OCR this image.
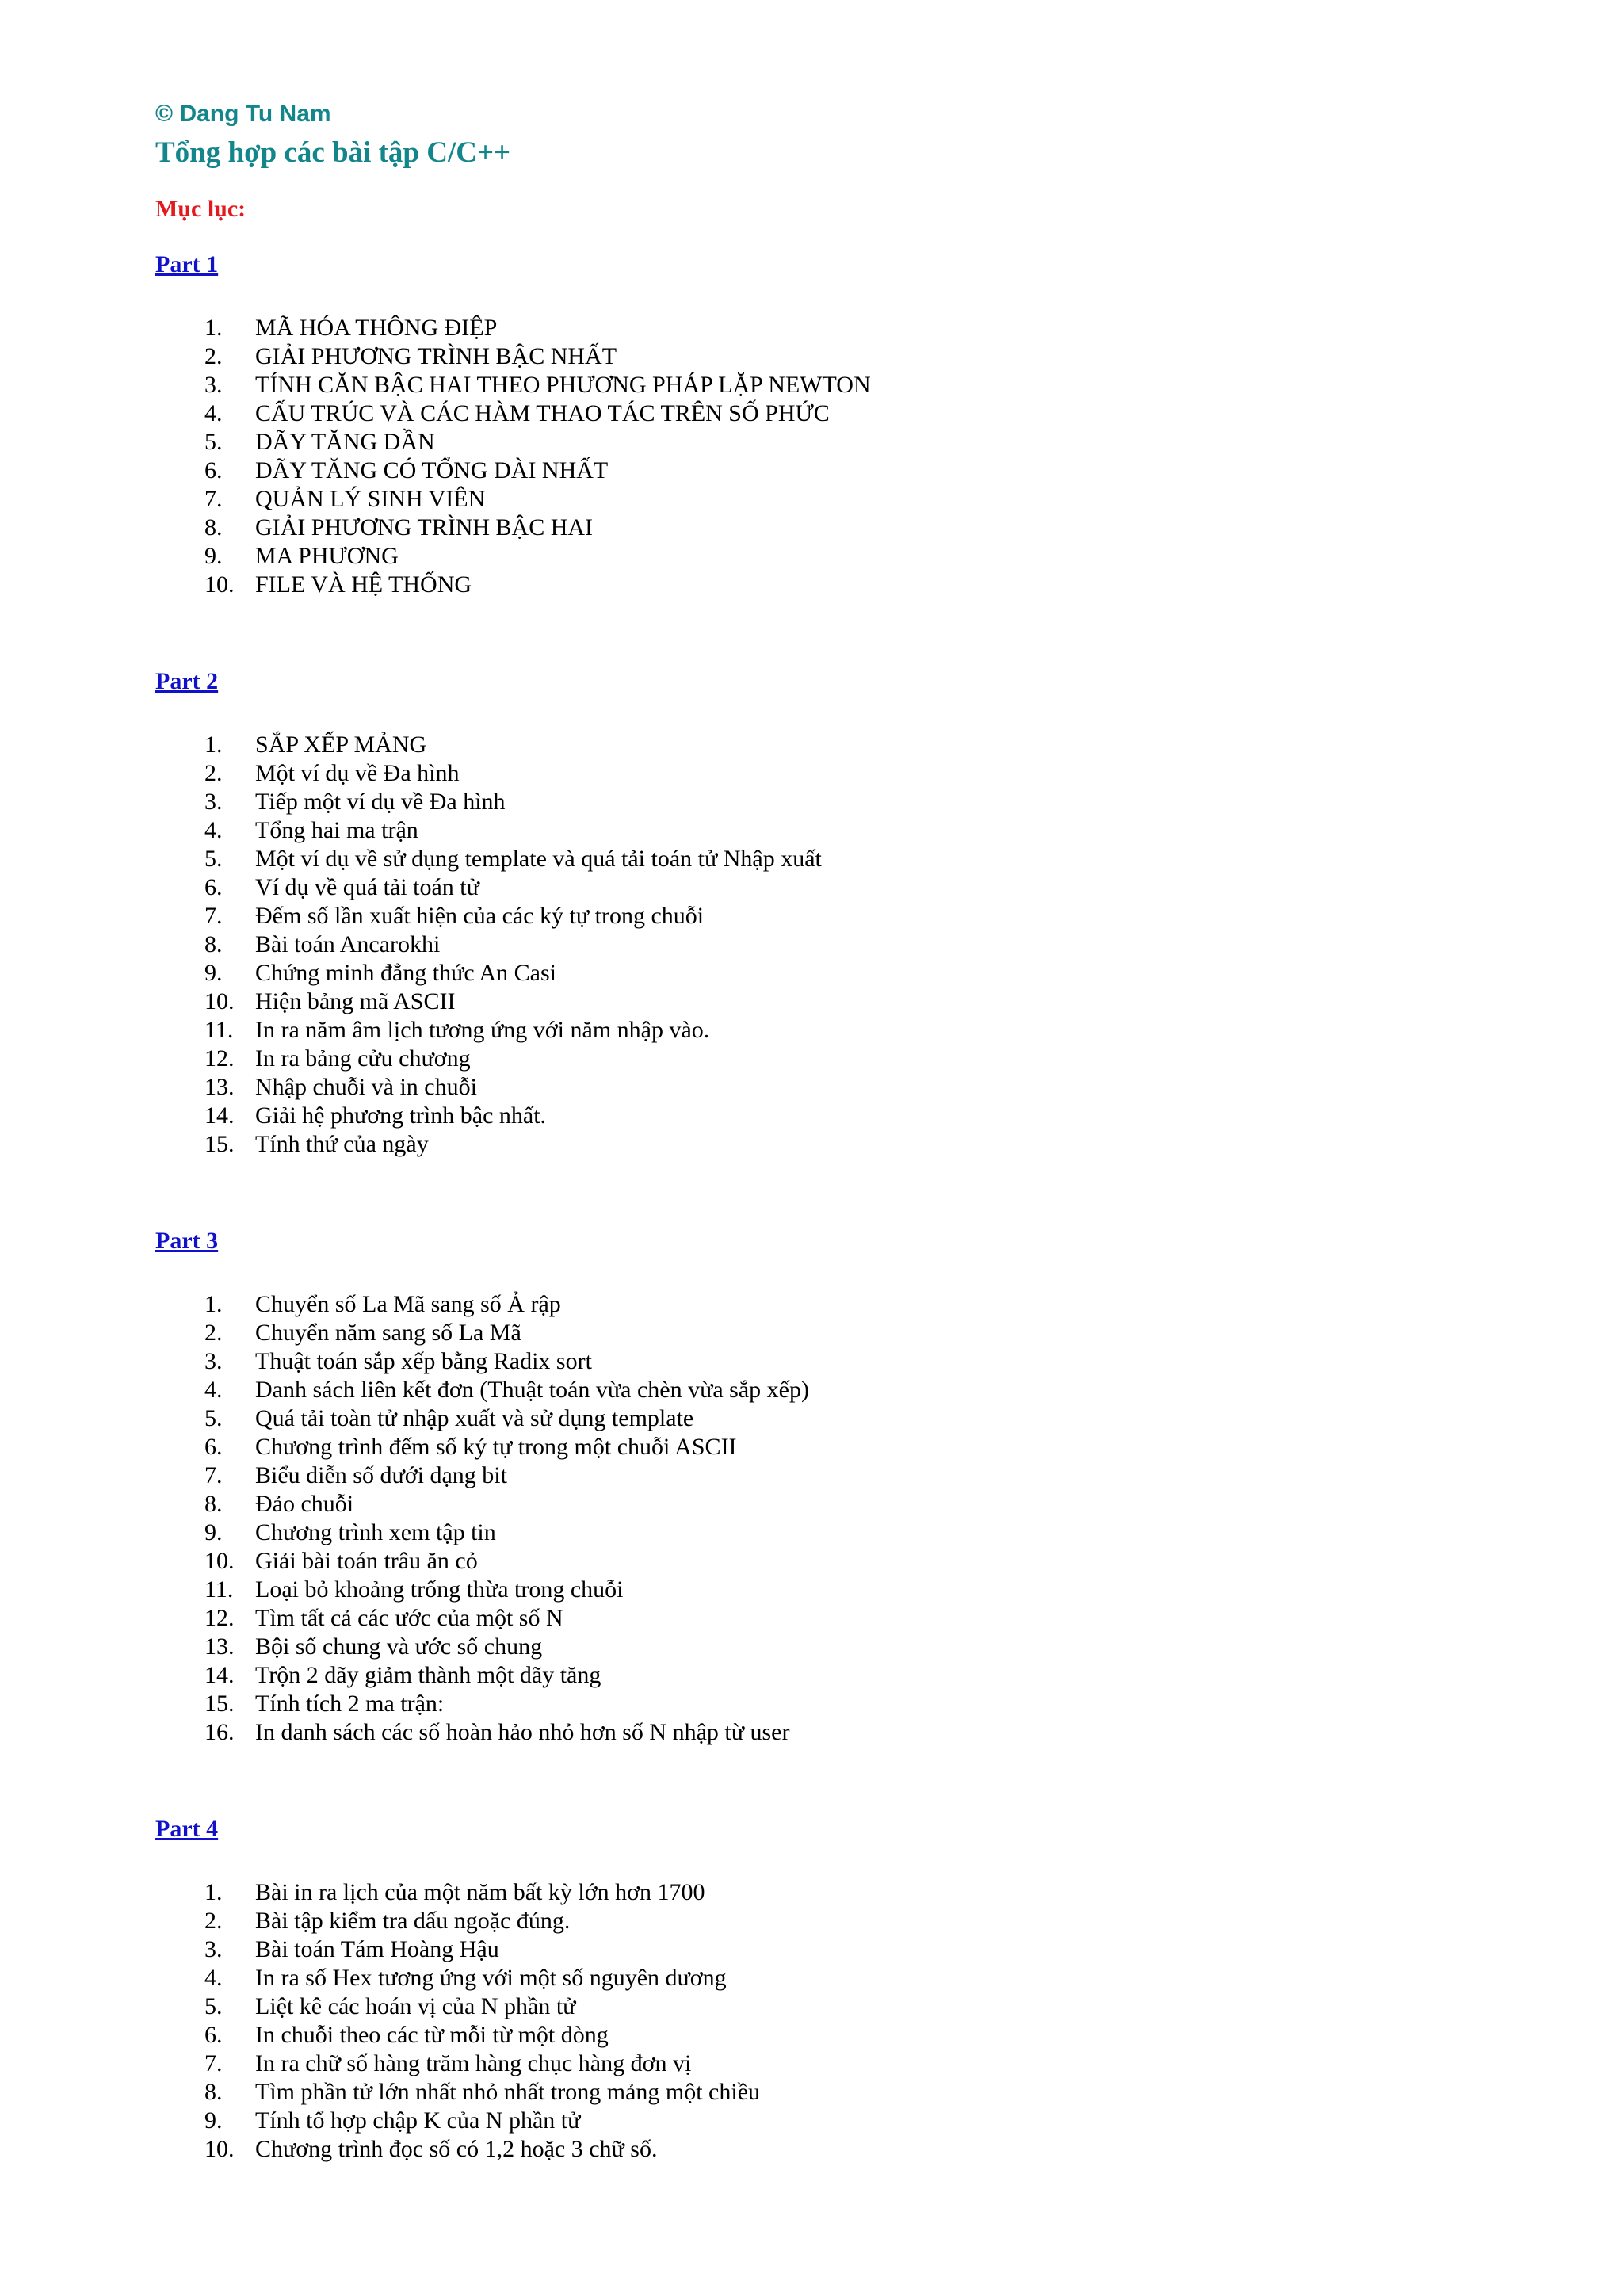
© Dang Tu Nam
Tổng hợp các bài tập C/C++
Mục lục:
Part 1
1.	MÃ HÓA THÔNG ĐIỆP
2.	GIẢI PHƯƠNG TRÌNH BẬC NHẤT
3.	TÍNH CĂN BẬC HAI THEO PHƯƠNG PHÁP LẶP NEWTON
4.	CẤU TRÚC VÀ CÁC HÀM THAO TÁC TRÊN SỐ PHỨC
5.	DÃY TĂNG DẦN
6.	DÃY TĂNG CÓ TỔNG DÀI NHẤT
7.	QUẢN LÝ SINH VIÊN
8.	GIẢI PHƯƠNG TRÌNH BẬC HAI
9.	MA PHƯƠNG
10. FILE VÀ HỆ THỐNG
Part 2
1.	SẮP XẾP MẢNG
2.	Một ví dụ về Đa hình
3.	Tiếp một ví dụ về Đa hình
4.	Tổng hai ma trận
5.	Một ví dụ về sử dụng template và quá tải toán tử Nhập xuất
6.	Ví dụ về quá tải toán tử
7.	Đếm số lần xuất hiện của các ký tự trong chuỗi
8.	Bài toán Ancarokhi
9.	Chứng minh đẳng thức An Casi
10. Hiện bảng mã ASCII
11. In ra năm âm lịch tương ứng với năm nhập vào.
12. In ra bảng cửu chương
13. Nhập chuỗi và in chuỗi
14. Giải hệ phương trình bậc nhất.
15. Tính thứ của ngày
Part 3
1.	Chuyển số La Mã sang số Ả rập
2.	Chuyển năm sang số La Mã
3.	Thuật toán sắp xếp bằng Radix sort
4.	Danh sách liên kết đơn (Thuật toán vừa chèn vừa sắp xếp)
5.	Quá tải toàn tử nhập xuất và sử dụng template
6.	Chương trình đếm số ký tự trong một chuỗi ASCII
7.	Biểu diễn số dưới dạng bit
8.	Đảo chuỗi
9.	Chương trình xem tập tin
10. Giải bài toán trâu ăn cỏ
11. Loại bỏ khoảng trống thừa trong chuỗi
12. Tìm tất cả các ước của một số N
13. Bội số chung và ước số chung
14. Trộn 2 dãy giảm thành một dãy tăng
15. Tính tích 2 ma trận:
16. In danh sách các số hoàn hảo nhỏ hơn số N nhập từ user
Part 4
1.	Bài in ra lịch của một năm bất kỳ lớn hơn 1700
2.	Bài tập kiểm tra dấu ngoặc đúng.
3.	Bài toán Tám Hoàng Hậu
4.	In ra số Hex tương ứng với một số nguyên dương
5.	Liệt kê các hoán vị của N phần tử
6.	In chuỗi theo các từ mỗi từ một dòng
7.	In ra chữ số hàng trăm hàng chục hàng đơn vị
8.	Tìm phần tử lớn nhất nhỏ nhất trong mảng một chiều
9.	Tính tổ hợp chập K của N phần tử
10. Chương trình đọc số có 1,2 hoặc 3 chữ số.
